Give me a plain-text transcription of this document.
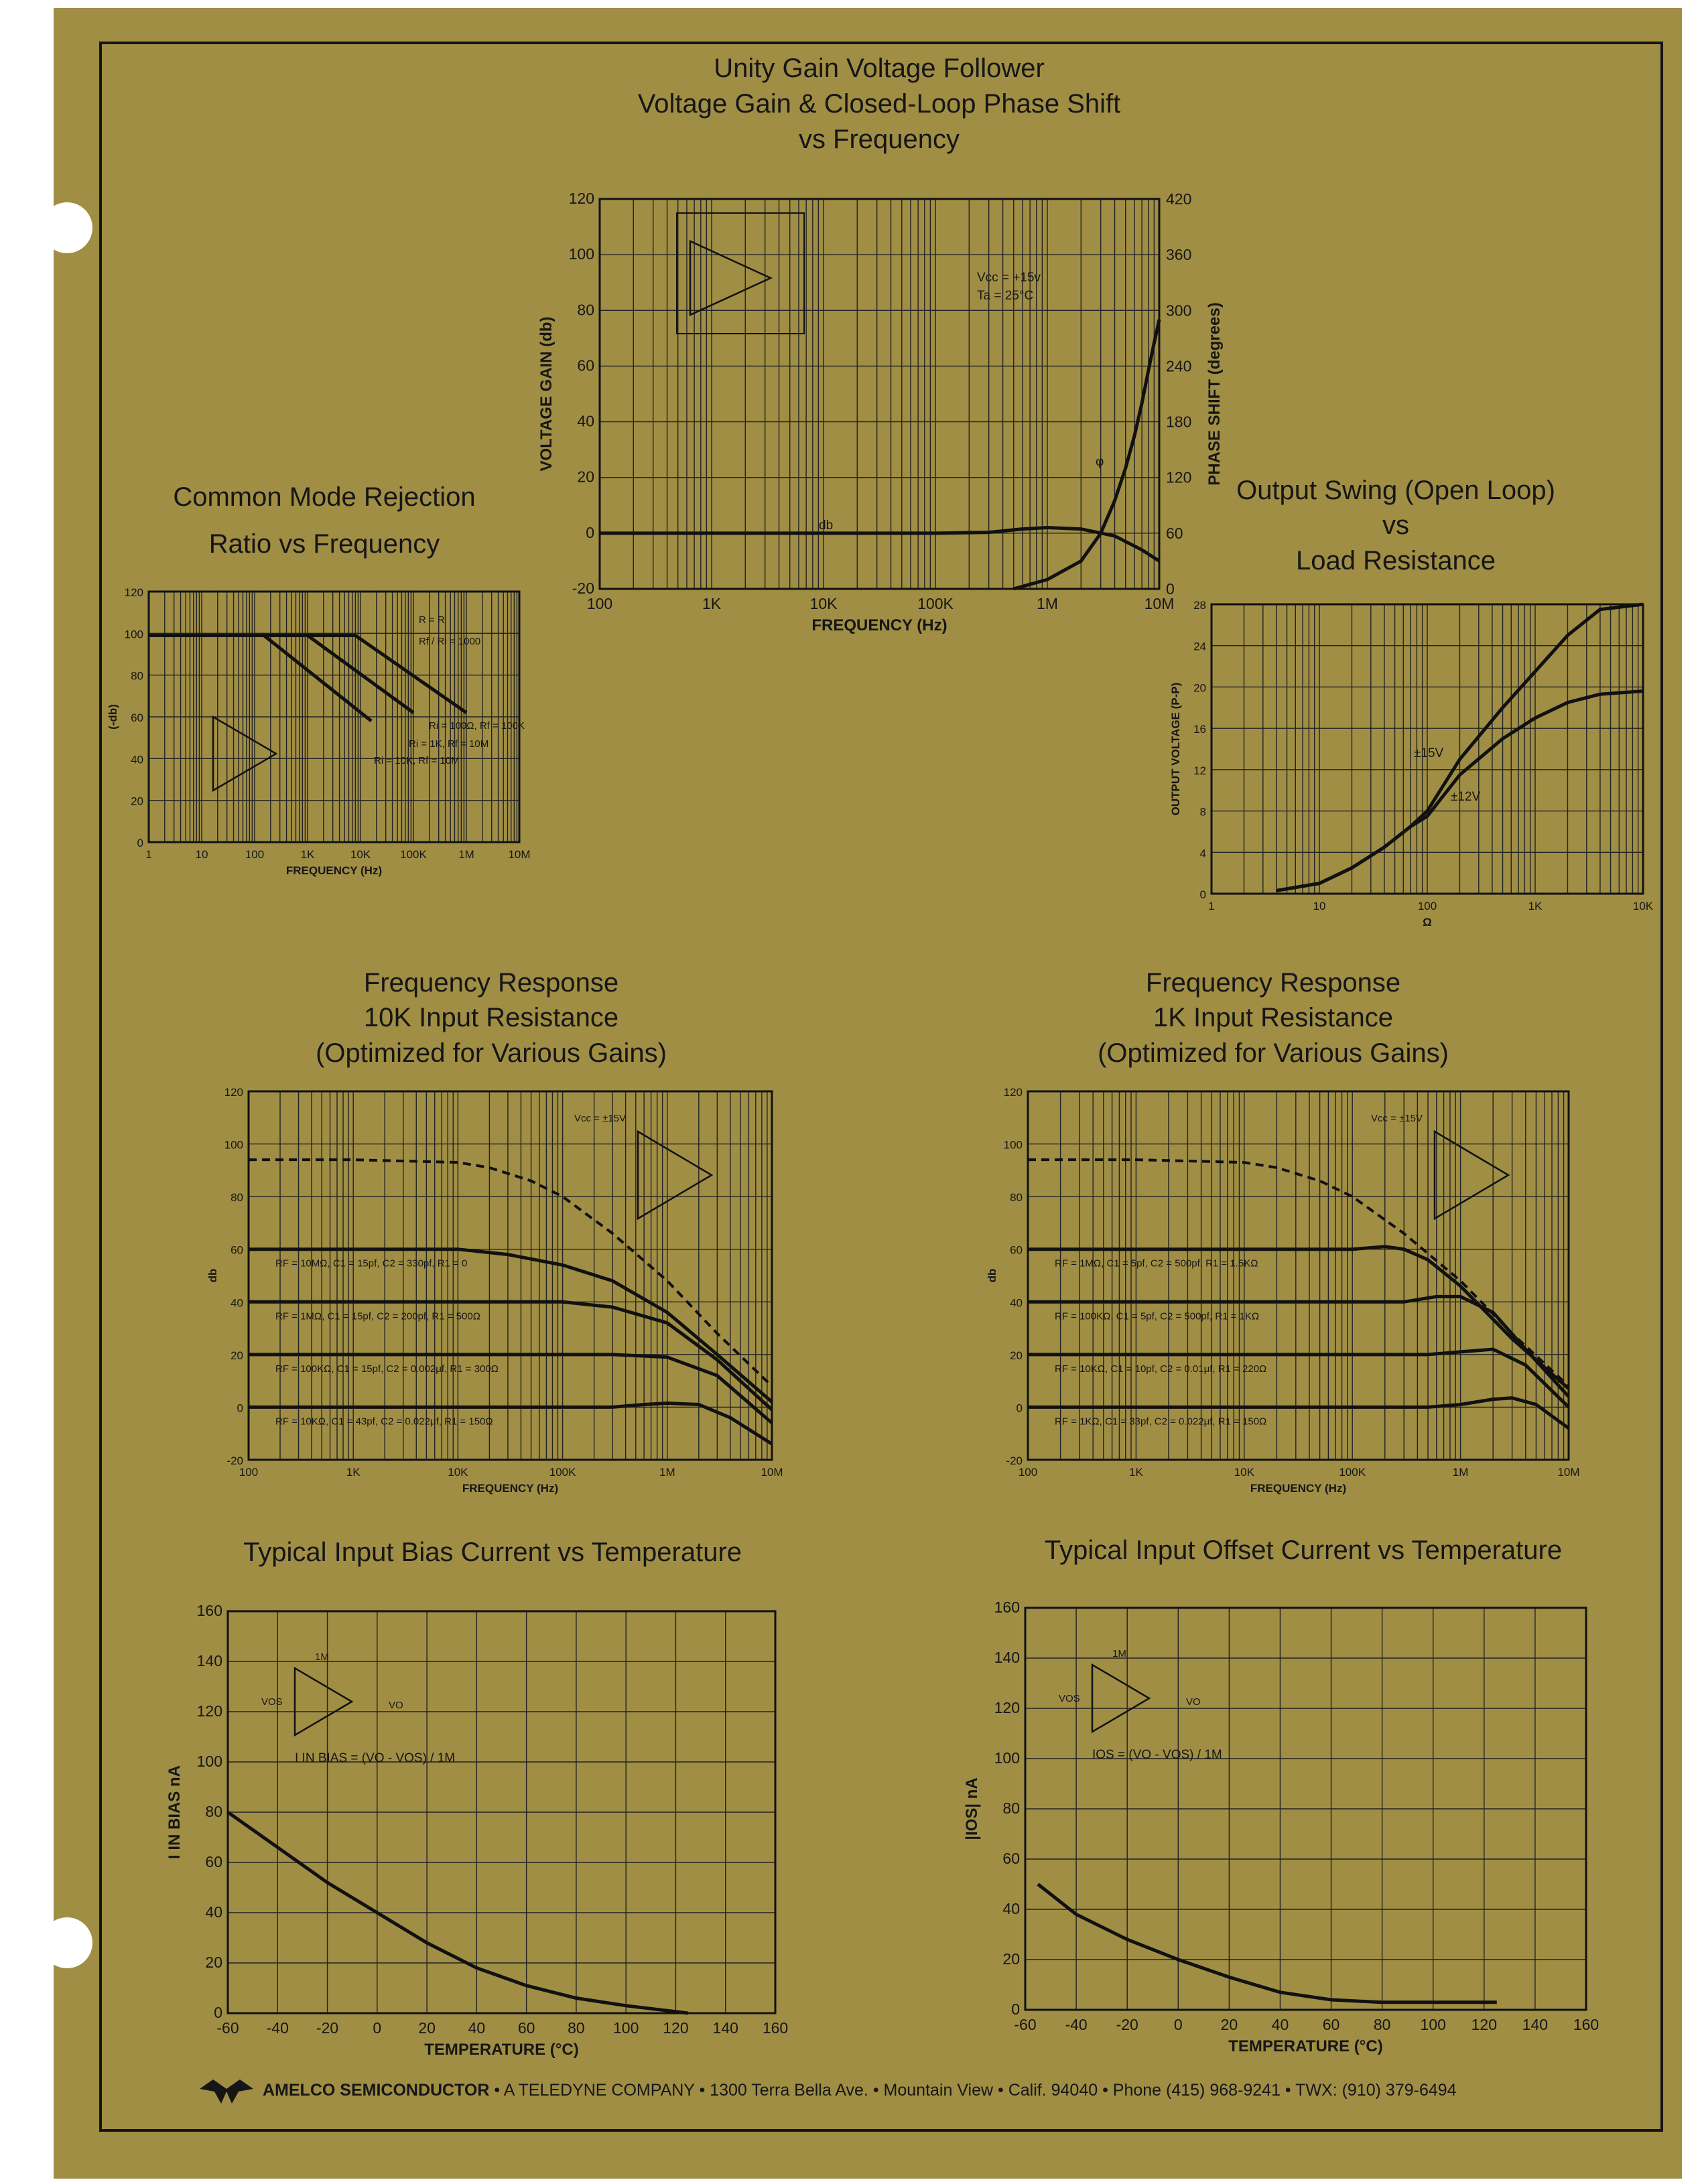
Unity Gain Voltage Follower
Voltage Gain & Closed-Loop Phase Shift
vs Frequency
100	1K	10K	100K	1M	10M
-20
0
20
40
60
80
100
120
0
60
120
180
240
300
360
420
PHASE SHIFT (degrees)
FREQUENCY (Hz)
VOLTAGE GAIN (db)
Vcc = +15v
Ta = 25°C
db
φ
Common Mode Rejection
Ratio vs Frequency
1	10	100	1K	10K	100K	1M	10M
0
20
40
60
80
100
120
FREQUENCY (Hz)
(-db)
R = R
Rf / Ri = 1000
Ri = 100Ω, Rf = 100K
Ri = 1K, Rf = 10M
Ri = 10K, Rf = 10M
Output Swing (Open Loop)
vs
Load Resistance
1	10	100	1K	10K
0
4
8
12
16
20
24
28
Ω
OUTPUT VOLTAGE (P-P)	±15V
±12V
Frequency Response
10K Input Resistance
(Optimized for Various Gains)
100	1K	10K	100K	1M	10M
-20
0
20
40
60
80
100
120
FREQUENCY (Hz)
db
RF = 10MΩ, C1 = 15pf, C2 = 330pf, R1 = 0
RF = 1MΩ, C1 = 15pf, C2 = 200pf, R1 = 500Ω
RF = 100KΩ, C1 = 15pf, C2 = 0.002μf, R1 = 300Ω
RF = 10KΩ, C1 = 43pf, C2 = 0.022μf, R1 = 150Ω
Vcc = ±15V
Frequency Response
1K Input Resistance
(Optimized for Various Gains)
100	1K	10K	100K	1M	10M
-20
0
20
40
60
80
100
120
FREQUENCY (Hz)
db
RF = 1MΩ, C1 = 5pf, C2 = 500pf, R1 = 1.5KΩ
RF = 100KΩ, C1 = 5pf, C2 = 500pf, R1 = 1KΩ
RF = 10KΩ, C1 = 10pf, C2 = 0.01μf, R1 = 220Ω
RF = 1KΩ, C1 = 33pf, C2 = 0.022μf, R1 = 150Ω
Vcc = ±15V
Typical Input Bias Current vs Temperature
-60 -40 -20 0 20 40 60 80 100 120 140 160
0
20
40
60
80
100
120
140
160
TEMPERATURE (°C)
I IN BIAS nA
1M
VOS	VO
I IN BIAS = (VO - VOS) / 1M
Typical Input Offset Current vs Temperature
-60 -40 -20 0 20 40 60 80 100 120 140 160
0
20
40
60
80
100
120
140
160
TEMPERATURE (°C)
|IOS| nA
1M
VOS	VO
IOS = (VO - VOS) / 1M
AMELCO SEMICONDUCTOR • A TELEDYNE COMPANY • 1300 Terra Bella Ave. • Mountain View • Calif. 94040 • Phone (415) 968-9241 • TWX: (910) 379-6494
